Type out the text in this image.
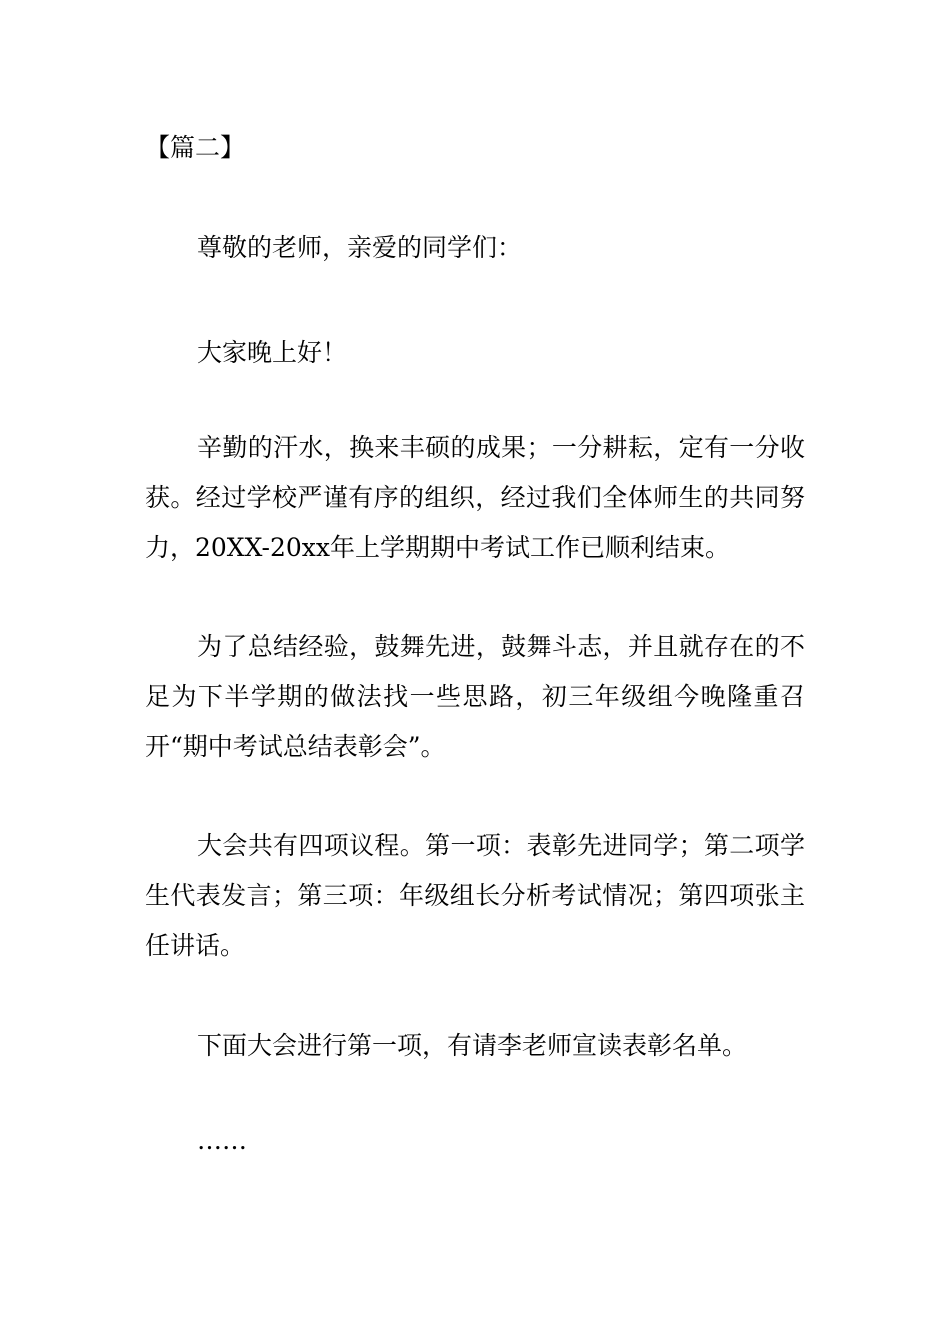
【篇二】
尊敬的老师，亲爱的同学们：
大家晚上好！
辛勤的汗水，换来丰硕的成果；一分耕耘，定有一分收获。经过学校严谨有序的组织，经过我们全体师生的共同努力，20XX-20xx年上学期期中考试工作已顺利结束。
为了总结经验，鼓舞先进，鼓舞斗志，并且就存在的不足为下半学期的做法找一些思路，初三年级组今晚隆重召开“期中考试总结表彰会”。
大会共有四项议程。第一项：表彰先进同学；第二项学生代表发言；第三项：年级组长分析考试情况；第四项张主任讲话。
下面大会进行第一项，有请李老师宣读表彰名单。
……
